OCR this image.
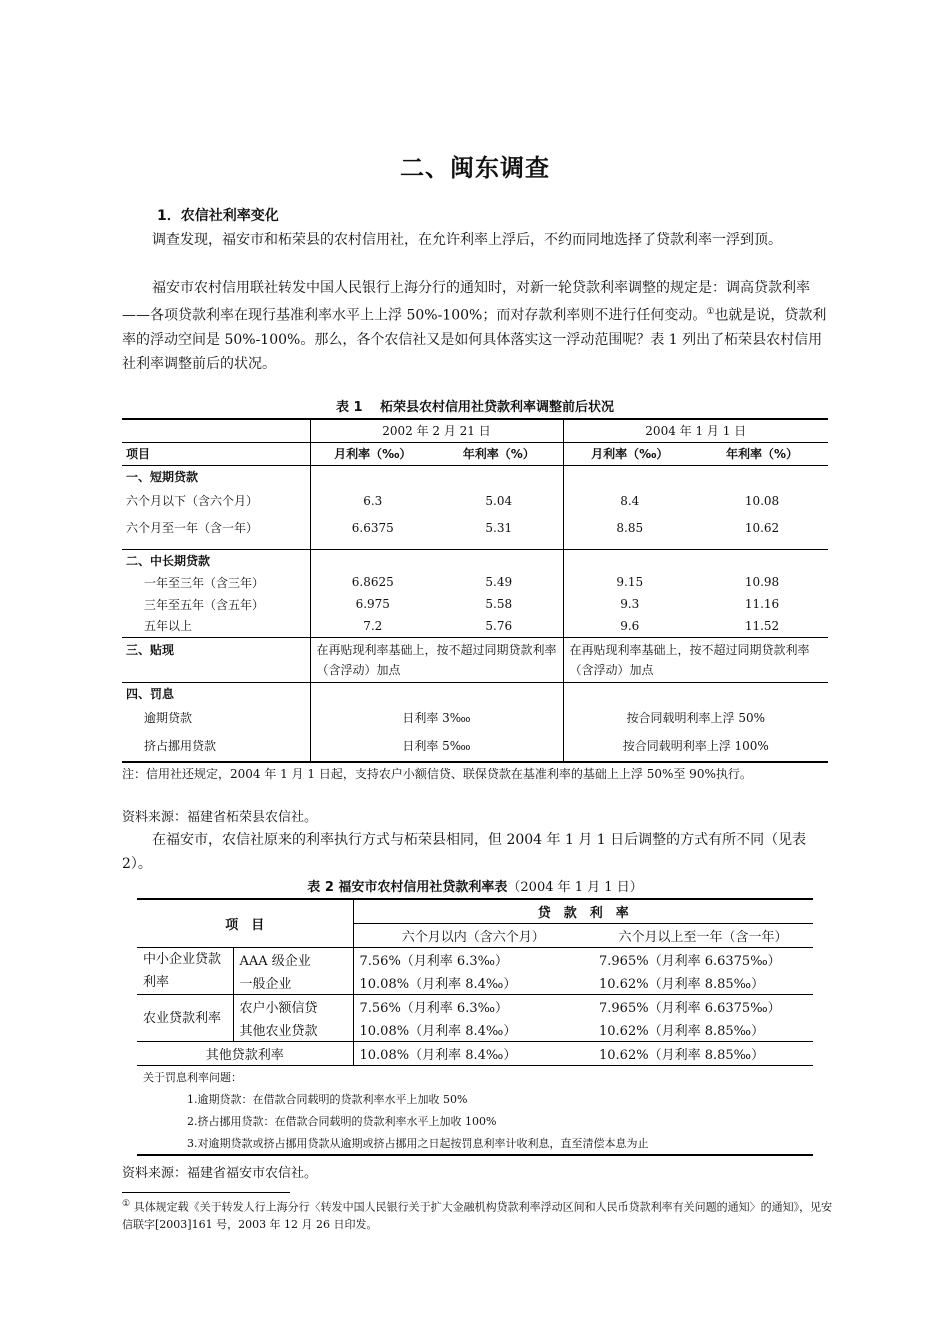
二、闽东调查
1．农信社利率变化

调查发现，福安市和柘荣县的农村信用社，在允许利率上浮后，不约而同地选择了贷款利率一浮到顶。

福安市农村信用联社转发中国人民银行上海分行的通知时，对新一轮贷款利率调整的规定是：调高贷款利率——各项贷款利率在现行基准利率水平上上浮 50%-100%；而对存款利率则不进行任何变动。①也就是说，贷款利率的浮动空间是 50%-100%。那么，各个农信社又是如何具体落实这一浮动范围呢？表 1 列出了柘荣县农村信用社利率调整前后的状况。

表 1　 柘荣县农村信用社贷款利率调整前后状况
	2002 年 2 月 21 日		2004 年 1 月 1 日	
项目	月利率（‰）	年利率（%）	月利率（‰）	年利率（%）
一、短期贷款				
六个月以下（含六个月）	6.3	5.04	8.4	10.08
六个月至一年（含一年）	6.6375	5.31	8.85	10.62

二、中长期贷款				
一年至三年（含三年）	6.8625	5.49	9.15	10.98
三年至五年（含五年）	6.975	5.58	9.3	11.16
五年以上	7.2	5.76	9.6	11.52
三、贴现	在再贴现利率基础上，按不超过同期贷款利率（含浮动）加点		在再贴现利率基础上，按不超过同期贷款利率（含浮动）加点	
四、罚息				
逾期贷款	日利率 3‱		按合同载明利率上浮 50%	
挤占挪用贷款	日利率 5‱		按合同载明利率上浮 100%	
注：信用社还规定，2004 年 1 月 1 日起，支持农户小额信贷、联保贷款在基准利率的基础上上浮 50%至 90%执行。
资料来源：福建省柘荣县农信社。

在福安市，农信社原来的利率执行方式与柘荣县相同，但 2004 年 1 月 1 日后调整的方式有所不同（见表 2）。

表 2 福安市农村信用社贷款利率表（2004 年 1 月 1 日）
项　目		贷　款　利　率	
		六个月以内（含六个月）	六个月以上至一年（含一年）
中小企业贷款利率	AAA 级企业	7.56%（月利率 6.3‰）	7.965%（月利率 6.6375‰）
	一般企业	10.08%（月利率 8.4‰）	10.62%（月利率 8.85‰）
农业贷款利率	农户小额信贷	7.56%（月利率 6.3‰）	7.965%（月利率 6.6375‰）
	其他农业贷款	10.08%（月利率 8.4‰）	10.62%（月利率 8.85‰）
其他贷款利率		10.08%（月利率 8.4‰）	10.62%（月利率 8.85‰）
关于罚息利率问题：			
1.逾期贷款：在借款合同载明的贷款利率水平上加收 50%			
2.挤占挪用贷款：在借款合同载明的贷款利率水平上加收 100%			
3.对逾期贷款或挤占挪用贷款从逾期或挤占挪用之日起按罚息利率计收利息，直至清偿本息为止			
资料来源：福建省福安市农信社。
① 具体规定载《关于转发人行上海分行〈转发中国人民银行关于扩大金融机构贷款利率浮动区间和人民币贷款利率有关问题的通知〉的通知》，见安信联字[2003]161 号，2003 年 12 月 26 日印发。
